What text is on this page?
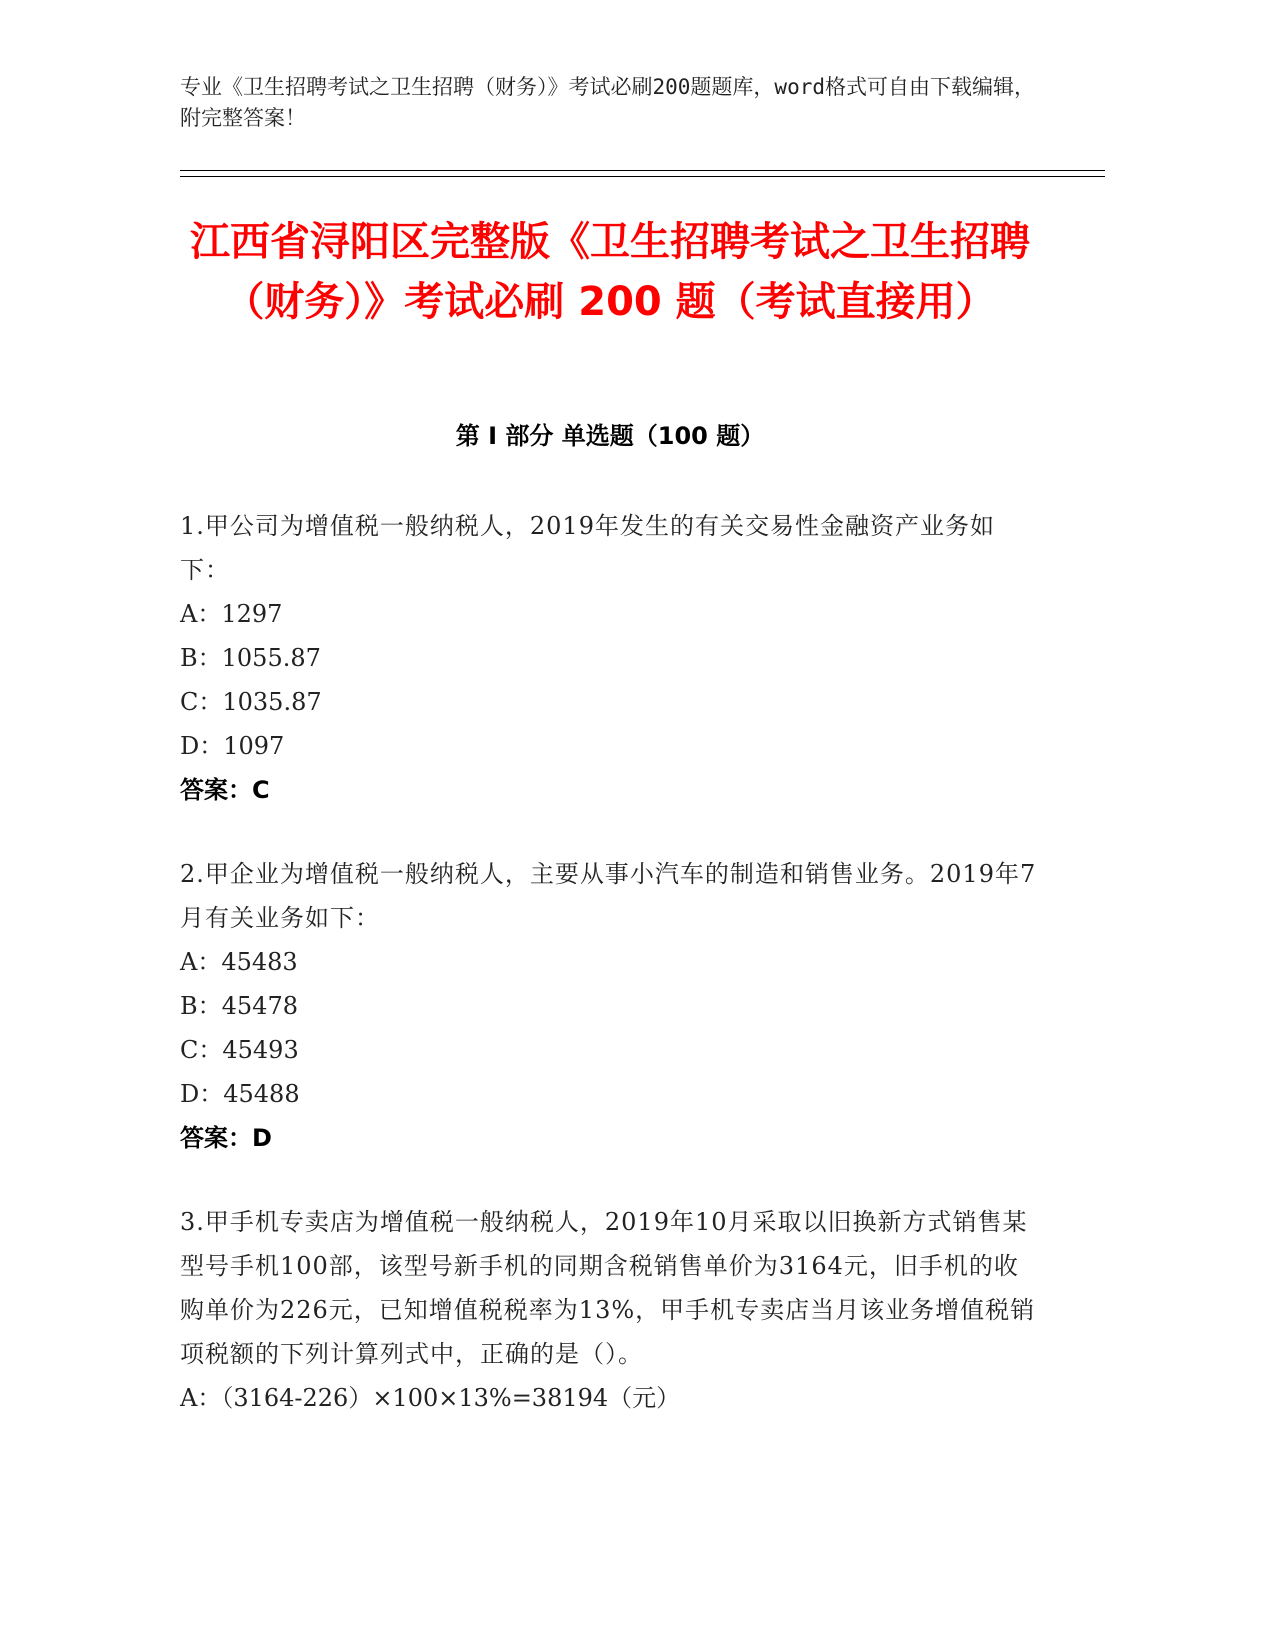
专业《卫生招聘考试之卫生招聘（财务）》考试必刷200题题库，word格式可自由下载编辑，附完整答案！
江西省浔阳区完整版《卫生招聘考试之卫生招聘（财务）》考试必刷 200 题（考试直接用）
第 I 部分 单选题（100 题）

1.甲公司为增值税一般纳税人，2019年发生的有关交易性金融资产业务如下：

A：1297

B：1055.87

C：1035.87

D：1097

答案：C

2.甲企业为增值税一般纳税人，主要从事小汽车的制造和销售业务。2019年7月有关业务如下：

A：45483

B：45478

C：45493

D：45488

答案：D

3.甲手机专卖店为增值税一般纳税人，2019年10月采取以旧换新方式销售某型号手机100部，该型号新手机的同期含税销售单价为3164元，旧手机的收购单价为226元，已知增值税税率为13%，甲手机专卖店当月该业务增值税销项税额的下列计算列式中，正确的是（）。

A：（3164-226）×100×13%=38194（元）
